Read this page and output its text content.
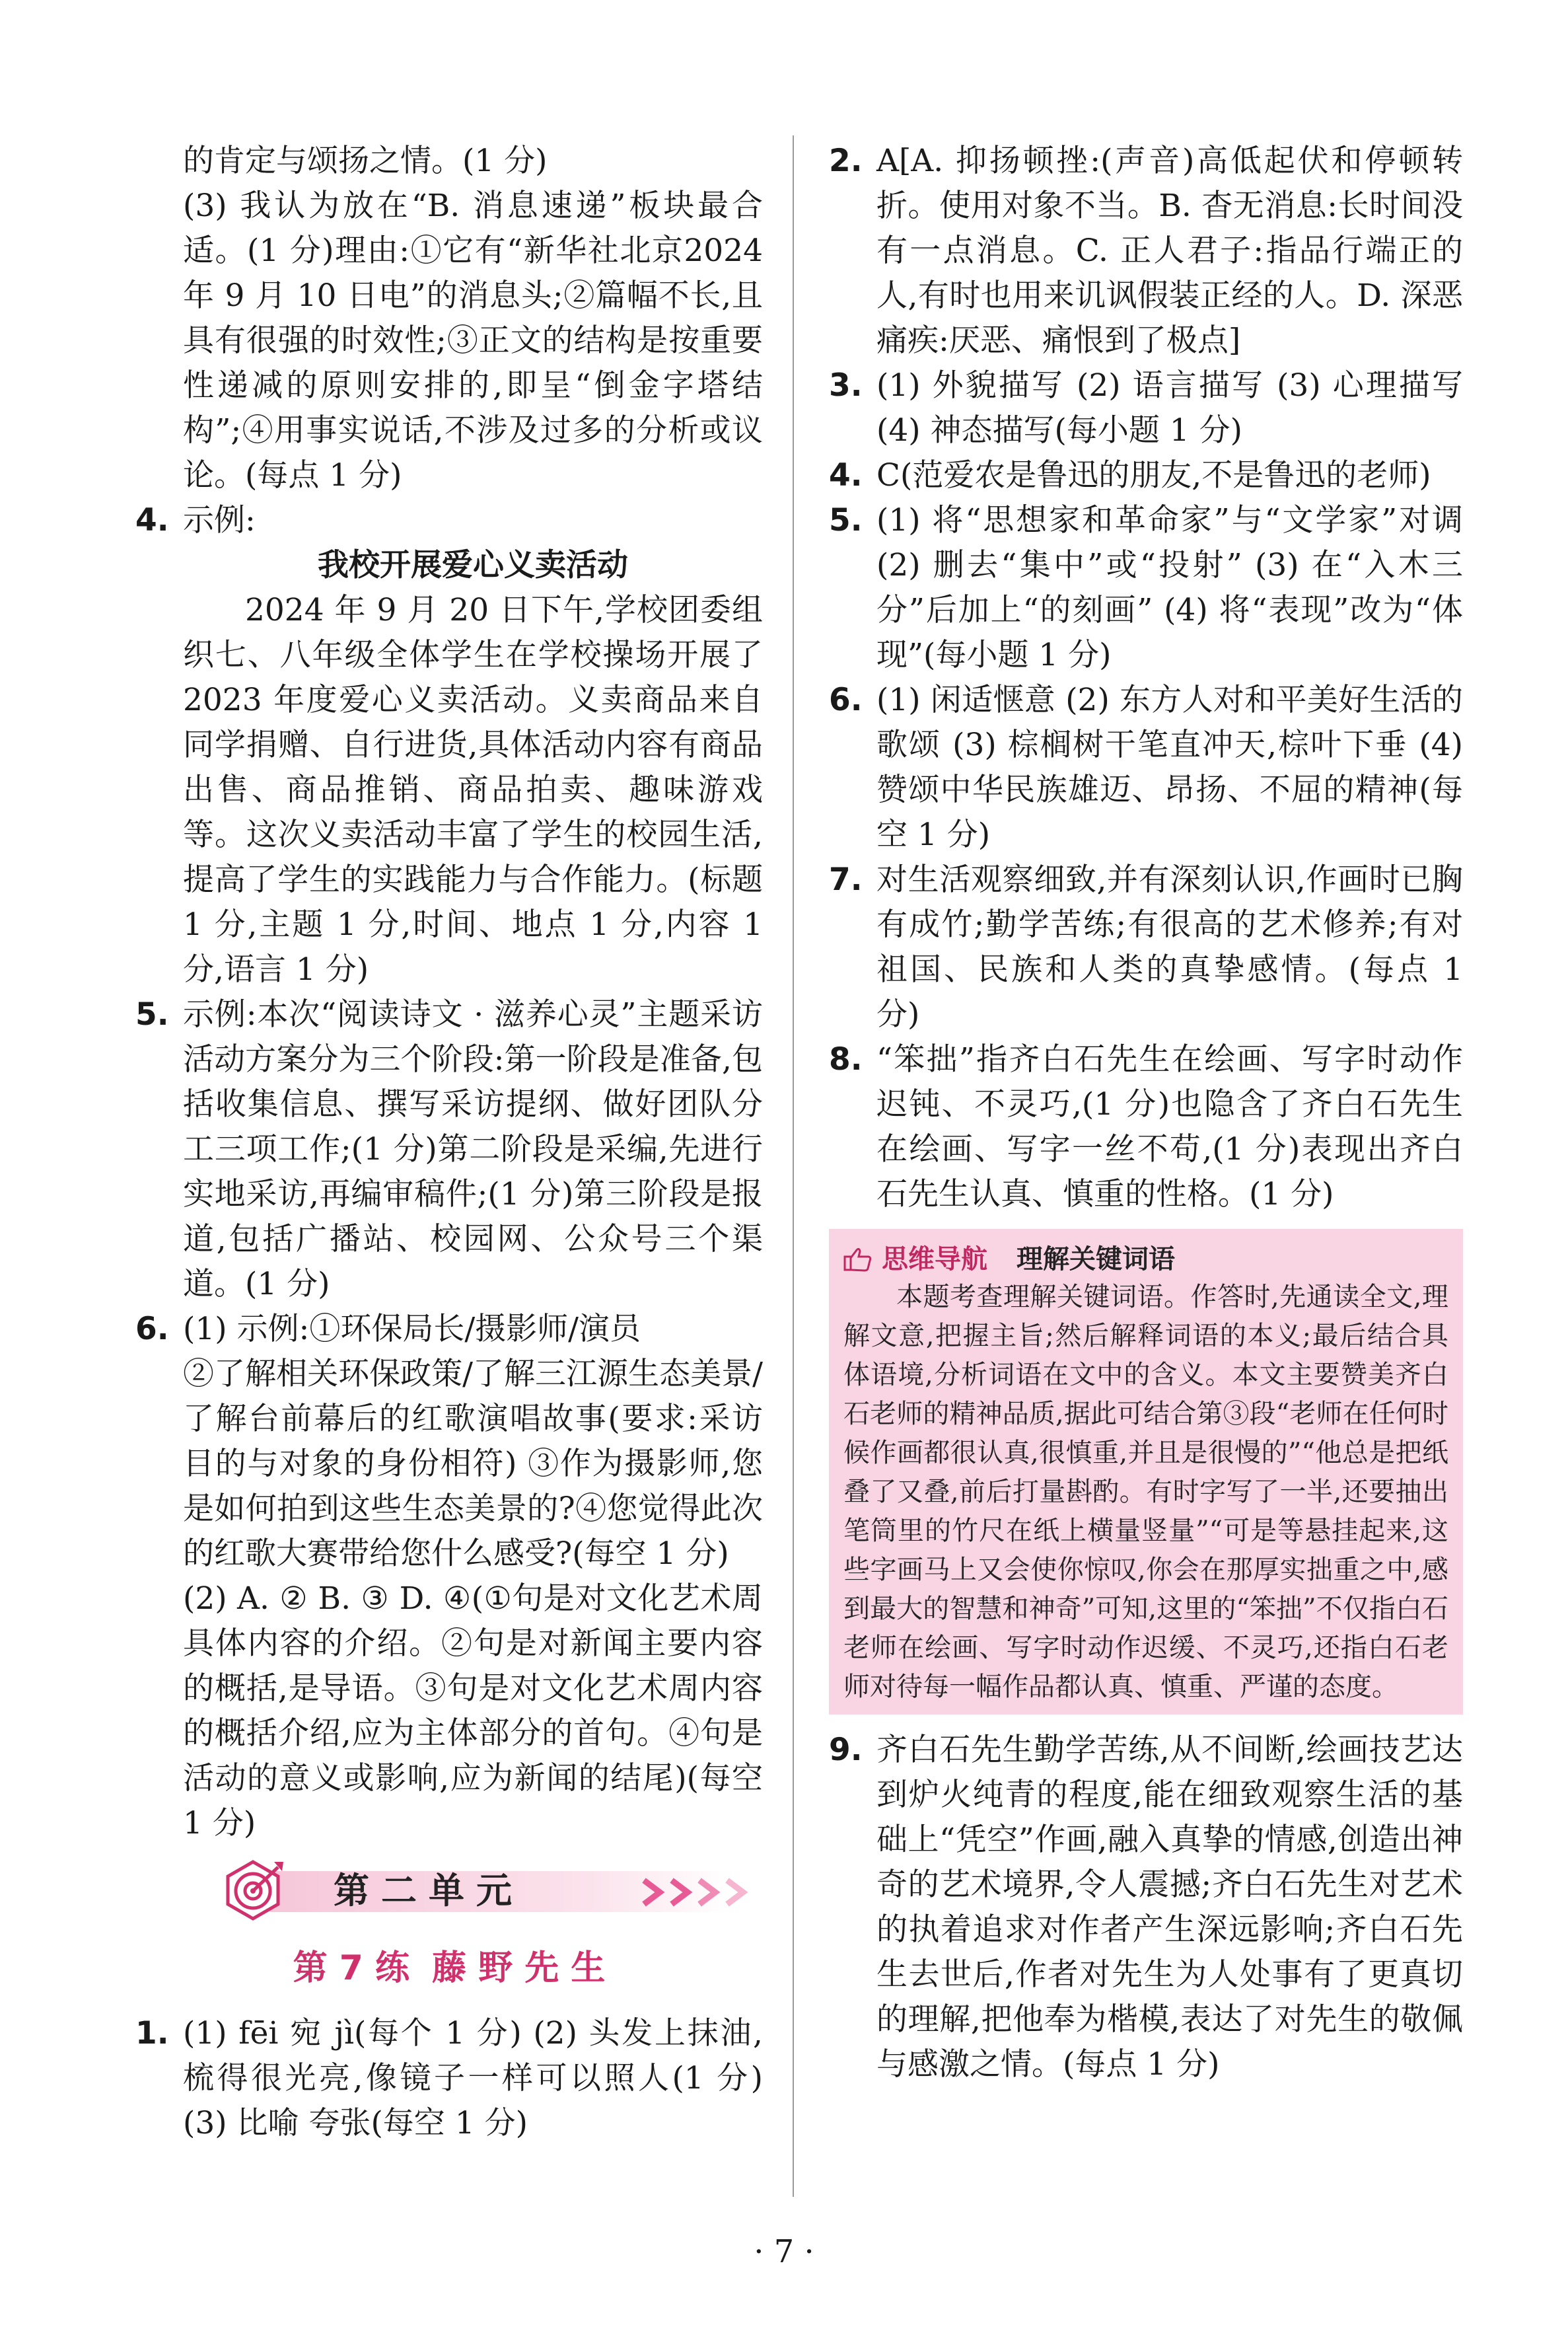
的肯定与颂扬之情。(1 分)

(3) 我认为放在“B. 消息速递”板块最合适。(1 分)理由:①它有“新华社北京2024 年 9 月 10 日电”的消息头;②篇幅不长,且具有很强的时效性;③正文的结构是按重要性递减的原则安排的,即呈“倒金字塔结构”;④用事实说话,不涉及过多的分析或议论。(每点 1 分)

4. 示例:

我校开展爱心义卖活动

2024 年 9 月 20 日下午,学校团委组织七、八年级全体学生在学校操场开展了 2023 年度爱心义卖活动。义卖商品来自同学捐赠、自行进货,具体活动内容有商品出售、商品推销、商品拍卖、趣味游戏等。这次义卖活动丰富了学生的校园生活,提高了学生的实践能力与合作能力。(标题 1 分,主题 1 分,时间、地点 1 分,内容 1 分,语言 1 分)

5. 示例:本次“阅读诗文 · 滋养心灵”主题采访活动方案分为三个阶段:第一阶段是准备,包括收集信息、撰写采访提纲、做好团队分工三项工作;(1 分)第二阶段是采编,先进行实地采访,再编审稿件;(1 分)第三阶段是报道,包括广播站、校园网、公众号三个渠道。(1 分)

6. (1) 示例:①环保局长/摄影师/演员

②了解相关环保政策/了解三江源生态美景/了解台前幕后的红歌演唱故事(要求:采访目的与对象的身份相符) ③作为摄影师,您是如何拍到这些生态美景的?④您觉得此次的红歌大赛带给您什么感受?(每空 1 分)

(2) A. ② B. ③ D. ④(①句是对文化艺术周具体内容的介绍。②句是对新闻主要内容的概括,是导语。③句是对文化艺术周内容的概括介绍,应为主体部分的首句。④句是活动的意义或影响,应为新闻的结尾)(每空 1 分)

第二单元
第 7 练 藤 野 先 生
1. (1) fēi 宛 jì(每个 1 分) (2) 头发上抹油,梳得很光亮,像镜子一样可以照人(1 分) (3) 比喻 夸张(每空 1 分)

2. A[A. 抑扬顿挫:(声音)高低起伏和停顿转折。使用对象不当。B. 杳无消息:长时间没有一点消息。C. 正人君子:指品行端正的人,有时也用来讥讽假装正经的人。D. 深恶痛疾:厌恶、痛恨到了极点]

3. (1) 外貌描写 (2) 语言描写 (3) 心理描写 (4) 神态描写(每小题 1 分)

4. C(范爱农是鲁迅的朋友,不是鲁迅的老师)

5. (1) 将“思想家和革命家”与“文学家”对调 (2) 删去“集中”或“投射” (3) 在“入木三分”后加上“的刻画” (4) 将“表现”改为“体现”(每小题 1 分)

6. (1) 闲适惬意 (2) 东方人对和平美好生活的歌颂 (3) 棕榈树干笔直冲天,棕叶下垂 (4) 赞颂中华民族雄迈、昂扬、不屈的精神(每空 1 分)

7. 对生活观察细致,并有深刻认识,作画时已胸有成竹;勤学苦练;有很高的艺术修养;有对祖国、民族和人类的真挚感情。(每点 1 分)

8. “笨拙”指齐白石先生在绘画、写字时动作迟钝、不灵巧,(1 分)也隐含了齐白石先生在绘画、写字一丝不苟,(1 分)表现出齐白石先生认真、慎重的性格。(1 分)

思维导航 理解关键词语

本题考查理解关键词语。作答时,先通读全文,理解文意,把握主旨;然后解释词语的本义;最后结合具体语境,分析词语在文中的含义。本文主要赞美齐白石老师的精神品质,据此可结合第③段“老师在任何时候作画都很认真,很慎重,并且是很慢的”“他总是把纸叠了又叠,前后打量斟酌。有时字写了一半,还要抽出笔筒里的竹尺在纸上横量竖量”“可是等悬挂起来,这些字画马上又会使你惊叹,你会在那厚实拙重之中,感到最大的智慧和神奇”可知,这里的“笨拙”不仅指白石老师在绘画、写字时动作迟缓、不灵巧,还指白石老师对待每一幅作品都认真、慎重、严谨的态度。

9. 齐白石先生勤学苦练,从不间断,绘画技艺达到炉火纯青的程度,能在细致观察生活的基础上“凭空”作画,融入真挚的情感,创造出神奇的艺术境界,令人震撼;齐白石先生对艺术的执着追求对作者产生深远影响;齐白石先生去世后,作者对先生为人处事有了更真切的理解,把他奉为楷模,表达了对先生的敬佩与感激之情。(每点 1 分)

· 7 ·
